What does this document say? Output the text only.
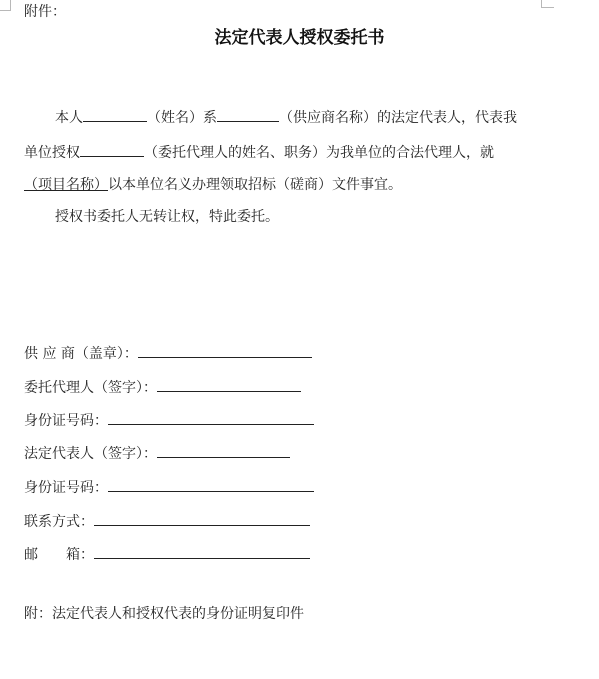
附件：
法定代表人授权委托书
本人	（姓名）系	（供应商名称）的法定代表人，代表我
单位授权	（委托代理人的姓名、职务）为我单位的合法代理人，就
（项目名称）以本单位名义办理领取招标（磋商）文件事宜。
授权书委托人无转让权，特此委托。
供 应 商（盖章）：
委托代理人（签字）：
身份证号码：
法定代表人（签字）：
身份证号码：
联系方式：
邮　　箱：
附：法定代表人和授权代表的身份证明复印件
